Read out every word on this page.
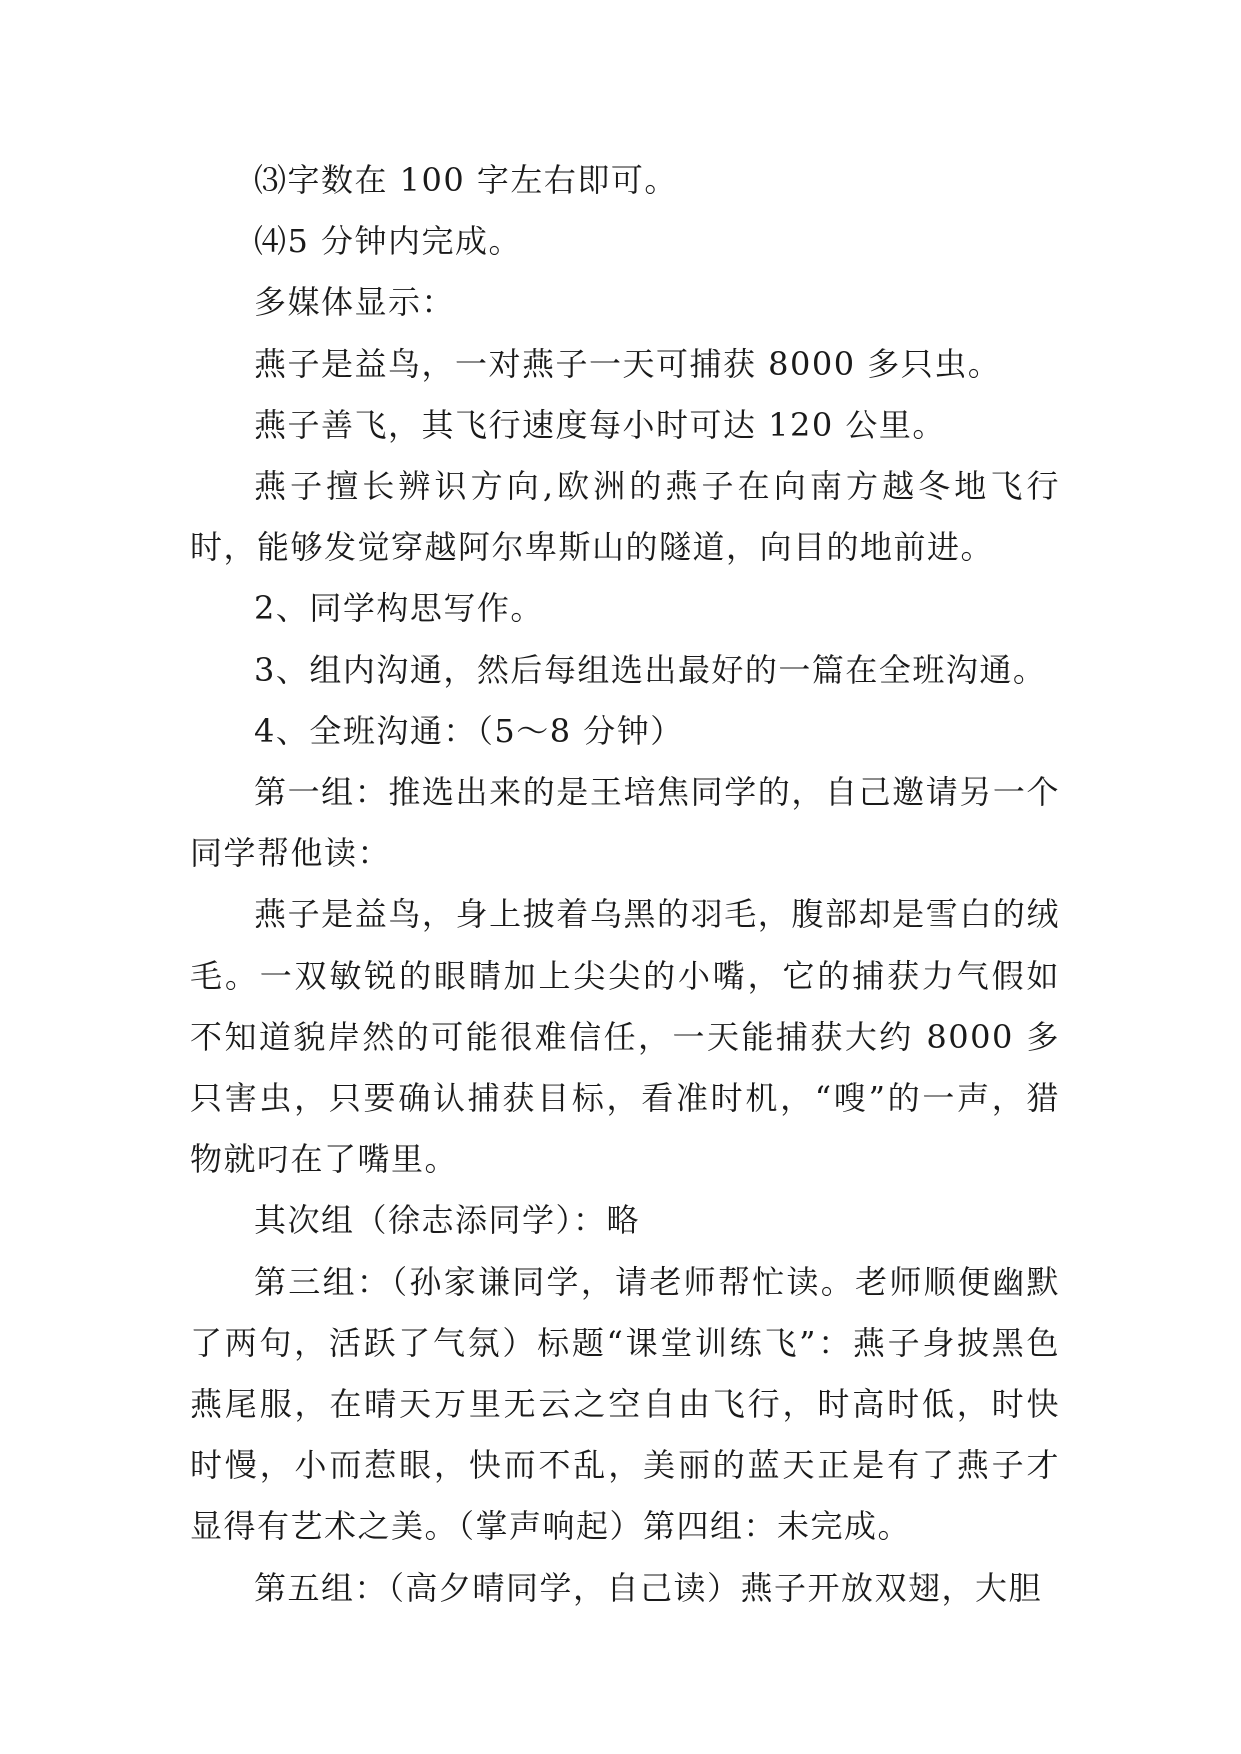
⑶字数在 100 字左右即可。

⑷5 分钟内完成。

多媒体显示：

燕子是益鸟，一对燕子一天可捕获 8000 多只虫。

燕子善飞，其飞行速度每小时可达 120 公里。

燕子擅长辨识方向,欧洲的燕子在向南方越冬地飞行时，能够发觉穿越阿尔卑斯山的隧道，向目的地前进。

2、同学构思写作。

3、组内沟通，然后每组选出最好的一篇在全班沟通。

4、全班沟通：（5～8 分钟）

第一组：推选出来的是王培焦同学的，自己邀请另一个同学帮他读：

燕子是益鸟，身上披着乌黑的羽毛，腹部却是雪白的绒毛。一双敏锐的眼睛加上尖尖的小嘴，它的捕获力气假如不知道貌岸然的可能很难信任，一天能捕获大约 8000 多只害虫，只要确认捕获目标，看准时机，“嗖”的一声，猎物就叼在了嘴里。

其次组（徐志添同学）：略

第三组：（孙家谦同学，请老师帮忙读。老师顺便幽默了两句，活跃了气氛）标题“课堂训练飞”：燕子身披黑色燕尾服，在晴天万里无云之空自由飞行，时高时低，时快时慢，小而惹眼，快而不乱，美丽的蓝天正是有了燕子才显得有艺术之美。（掌声响起）第四组：未完成。

第五组：（高夕晴同学，自己读）燕子开放双翅，大胆
